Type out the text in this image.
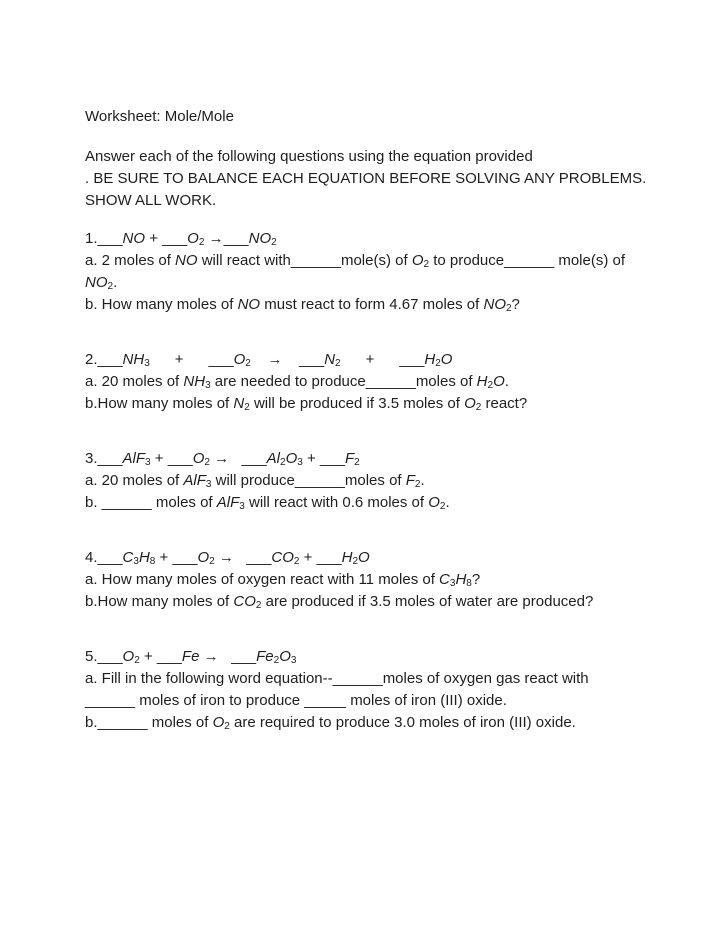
Worksheet: Mole/Mole
Answer each of the following questions using the equation provided
. BE SURE TO BALANCE EACH EQUATION BEFORE SOLVING ANY PROBLEMS.
SHOW ALL WORK.
1.___NO + $\_\_\_O_2$ $\to\_\_\_NO_2$
a. 2 moles of NO will react with______mole(s) of $O_2$ to produce______ mole(s) of
$NO_2$.
b. How many moles of NO must react to form 4.67 moles of $NO_2$?
$2.\_\_\_NH_3$      +      $\_\_\_O_2$    →    $\_\_\_N_2$      +      $\_\_\_H_2O$
a. 20 moles of $NH_3$ are needed to produce______moles of $H_2O$.
b.How many moles of $N_2$ will be produced if 3.5 moles of $O_2$ react?
3.___AlF$_3$ + $\_\_\_O_2$ →   $\_\_\_Al_2O_3$ + $\_\_\_F_2$
a. 20 moles of AlF$_3$ will produce______moles of $F_2$.
b. ______ moles of AlF$_3$ will react with 0.6 moles of $O_2$.
$4.\_\_\_C_3H_8$ + $\_\_\_O_2$ →   $\_\_\_CO_2$ + $\_\_\_H_2O$
a. How many moles of oxygen react with 11 moles of $C_3H_8$?
b.How many moles of $CO_2$ are produced if 3.5 moles of water are produced?
$5.\_\_\_O_2$ + ___Fe →   $\_\_\_Fe_2O_3$
a. Fill in the following word equation--______moles of oxygen gas react with
______ moles of iron to produce _____ moles of iron (III) oxide.
b.______ moles of $O_2$ are required to produce 3.0 moles of iron (III) oxide.
